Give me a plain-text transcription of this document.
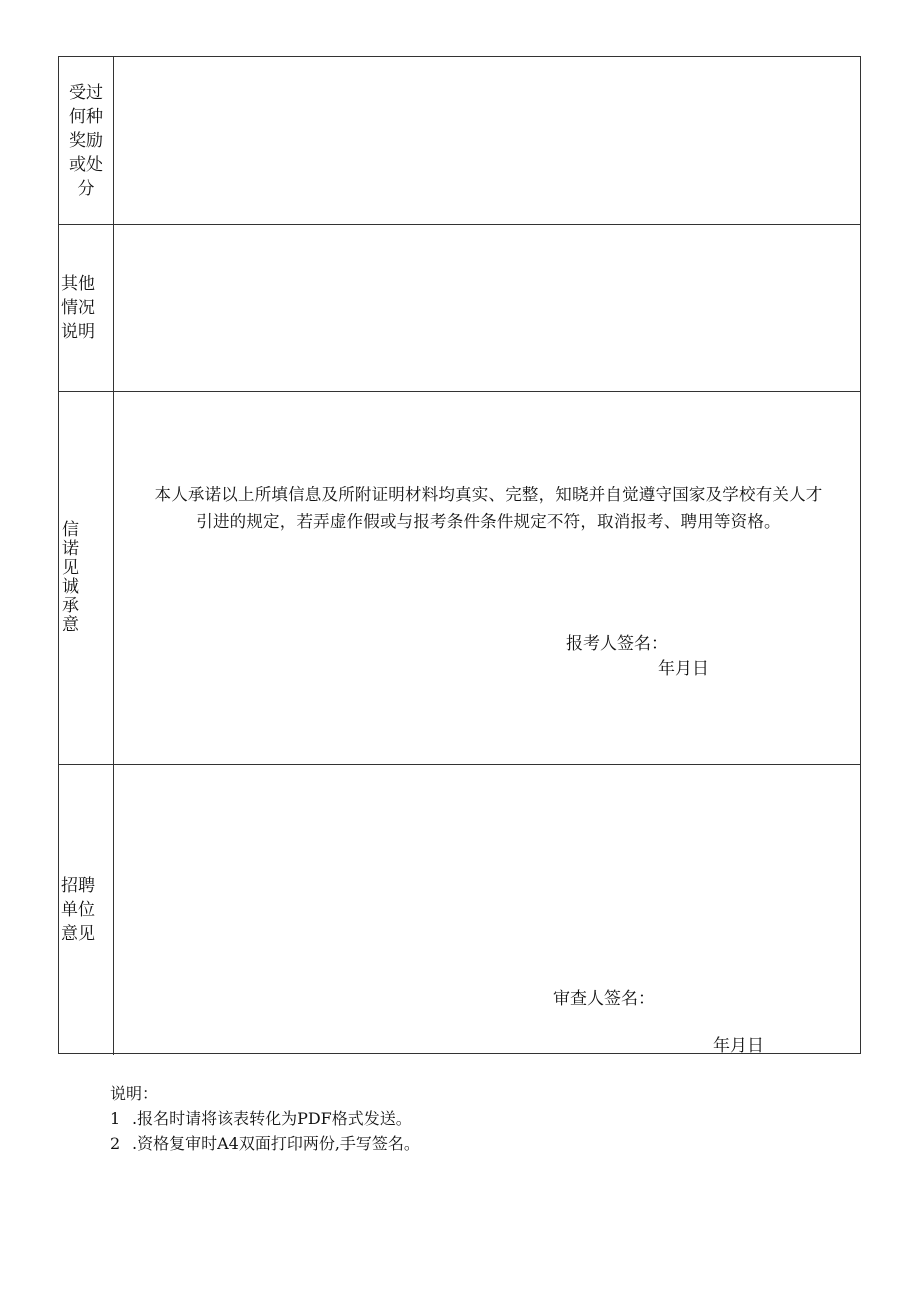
受过
何种
奖励
或处
分
其他
情况
说明
信
诺
见
诚
承
意
本人承诺以上所填信息及所附证明材料均真实、完整，知晓并自觉遵守国家及学校有关人才
引进的规定，若弄虚作假或与报考条件条件规定不符，取消报考、聘用等资格。
报考人签名：
年月日
招聘
单位
意见
审查人签名：
年月日
说明：
1 .报名时请将该表转化为PDF格式发送。
2 .资格复审时A4双面打印两份,手写签名。
